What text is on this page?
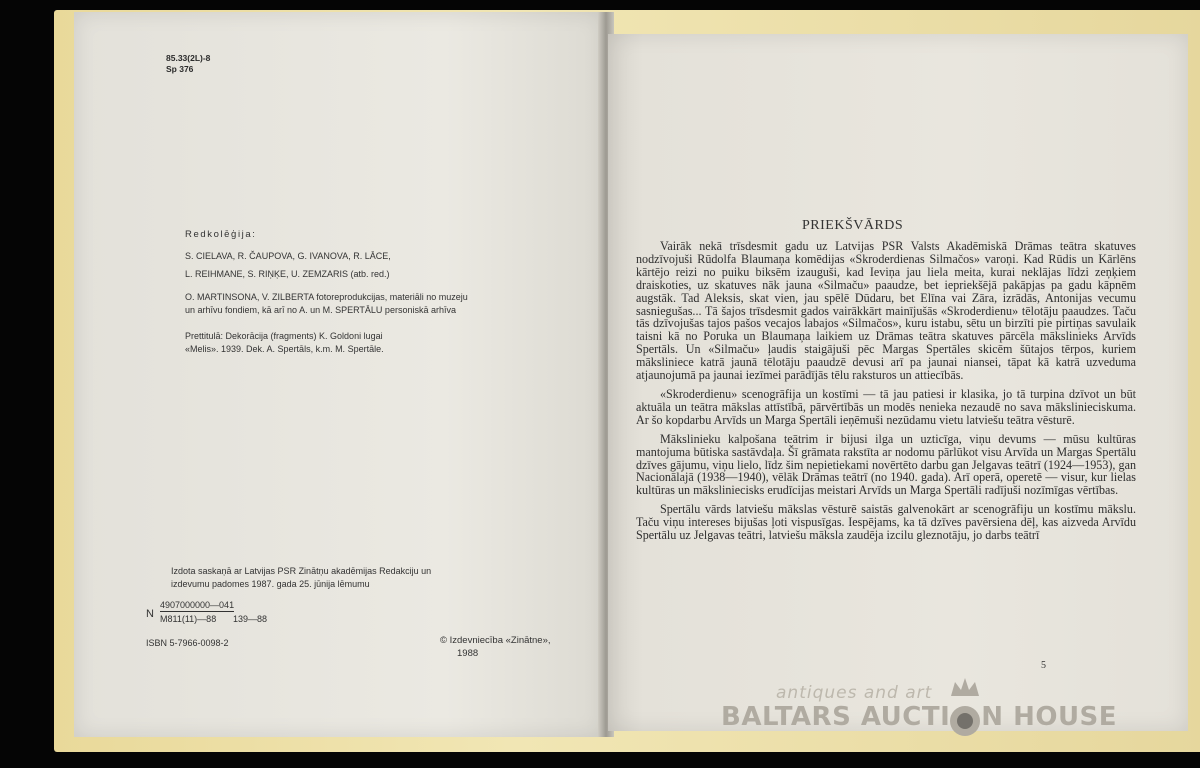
85.33(2L)-8
Sp 376
Redkolēģija:
S. CIELAVA, R. ČAUPOVA, G. IVANOVA, R. LĀCE,
L. REIHMANE, S. RIŅĶE, U. ZEMZARIS (atb. red.)
O. MARTINSONA, V. ZILBERTA fotoreprodukcijas, materiāli no muzeju
un arhīvu fondiem, kā arī no A. un M. SPERTĀLU personiskā arhīva
Prettitulā: Dekorācija (fragments) K. Goldoni lugai
«Melis». 1939. Dek. A. Spertāls, k.m. M. Spertāle.
Izdota saskaņā ar Latvijas PSR Zinātņu akadēmijas Redakciju un
izdevumu padomes 1987. gada 25. jūnija lēmumu
N
4907000000—041
M811(11)—88 139—88
ISBN 5-7966-0098-2	© Izdevniecība «Zinātne»,
1988
PRIEKŠVĀRDS

Vairāk nekā trīsdesmit gadu uz Latvijas PSR Valsts Akadēmiskā Drāmas teātra skatuves nodzīvojuši Rūdolfa Blaumaņa komēdijas «Skroderdienas Silmačos» varoņi. Kad Rūdis un Kārlēns kārtējo reizi no puiku biksēm izauguši, kad Ieviņa jau liela meita, kurai neklājas līdzi zeņķiem draiskoties, uz skatuves nāk jauna «Silmaču» paaudze, bet iepriekšējā pakāpjas pa gadu kāpnēm augstāk. Tad Aleksis, skat vien, jau spēlē Dūdaru, bet Elīna vai Zāra, izrādās, Antonijas vecumu sasniegušas... Tā šajos trīsdesmit gados vairākkārt mainījušās «Skroderdienu» tēlotāju paaudzes. Taču tās dzīvojušas tajos pašos vecajos labajos «Silmačos», kuru istabu, sētu un birzīti pie pirtiņas savulaik taisni kā no Poruka un Blaumaņa laikiem uz Drāmas teātra skatuves pārcēla mākslinieks Arvīds Spertāls. Un «Silmaču» ļaudis staigājuši pēc Margas Spertāles skicēm šūtajos tērpos, kuriem māksliniece katrā jaunā tēlotāju paaudzē devusi arī pa jaunai niansei, tāpat kā katrā uzveduma atjaunojumā pa jaunai iezīmei parādījās tēlu raksturos un attiecībās.

«Skroderdienu» scenogrāfija un kostīmi — tā jau patiesi ir klasika, jo tā turpina dzīvot un būt aktuāla un teātra mākslas attīstībā, pārvērtībās un modēs nenieka nezaudē no sava mākslinieciskuma. Ar šo kopdarbu Arvīds un Marga Spertāli ieņēmuši nezūdamu vietu latviešu teātra vēsturē.

Mākslinieku kalpošana teātrim ir bijusi ilga un uzticīga, viņu devums — mūsu kultūras mantojuma būtiska sastāvdaļa. Šī grāmata rakstīta ar nodomu pārlūkot visu Arvīda un Margas Spertālu dzīves gājumu, viņu lielo, līdz šim nepietiekami novērtēto darbu gan Jelgavas teātrī (1924—1953), gan Nacionālajā (1938—1940), vēlāk Drāmas teātrī (no 1940. gada). Arī operā, operetē — visur, kur lielas kultūras un māksliniecisks erudīcijas meistari Arvīds un Marga Spertāli radījuši nozīmīgas vērtības.

Spertālu vārds latviešu mākslas vēsturē saistās galvenokārt ar scenogrāfiju un kostīmu mākslu. Taču viņu intereses bijušas ļoti vispusīgas. Iespējams, ka tā dzīves pavērsiena dēļ, kas aizveda Arvīdu Spertālu uz Jelgavas teātri, latviešu māksla zaudēja izcilu gleznotāju, jo darbs teātrī

5
antiques and art
BALTARS AUCTI N HOUSE
